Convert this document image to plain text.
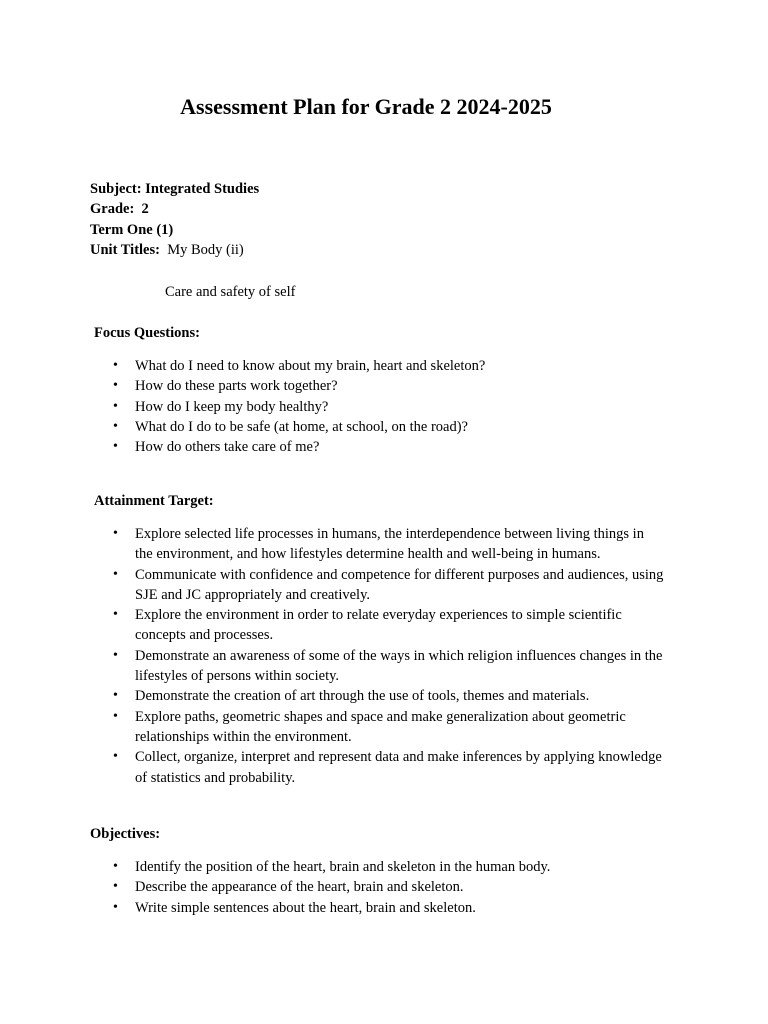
Assessment Plan for Grade 2 2024-2025
Subject: Integrated Studies
Grade: 2
Term One (1)
Unit Titles: My Body (ii)

Care and safety of self

Focus Questions:

• What do I need to know about my brain, heart and skeleton?
• How do these parts work together?
• How do I keep my body healthy?
• What do I do to be safe (at home, at school, on the road)?
• How do others take care of me?

Attainment Target:

• Explore selected life processes in humans, the interdependence between living things in the environment, and how lifestyles determine health and well-being in humans.
• Communicate with confidence and competence for different purposes and audiences, using SJE and JC appropriately and creatively.
• Explore the environment in order to relate everyday experiences to simple scientific concepts and processes.
• Demonstrate an awareness of some of the ways in which religion influences changes in the lifestyles of persons within society.
• Demonstrate the creation of art through the use of tools, themes and materials.
• Explore paths, geometric shapes and space and make generalization about geometric relationships within the environment.
• Collect, organize, interpret and represent data and make inferences by applying knowledge of statistics and probability.

Objectives:

• Identify the position of the heart, brain and skeleton in the human body.
• Describe the appearance of the heart, brain and skeleton.
• Write simple sentences about the heart, brain and skeleton.
